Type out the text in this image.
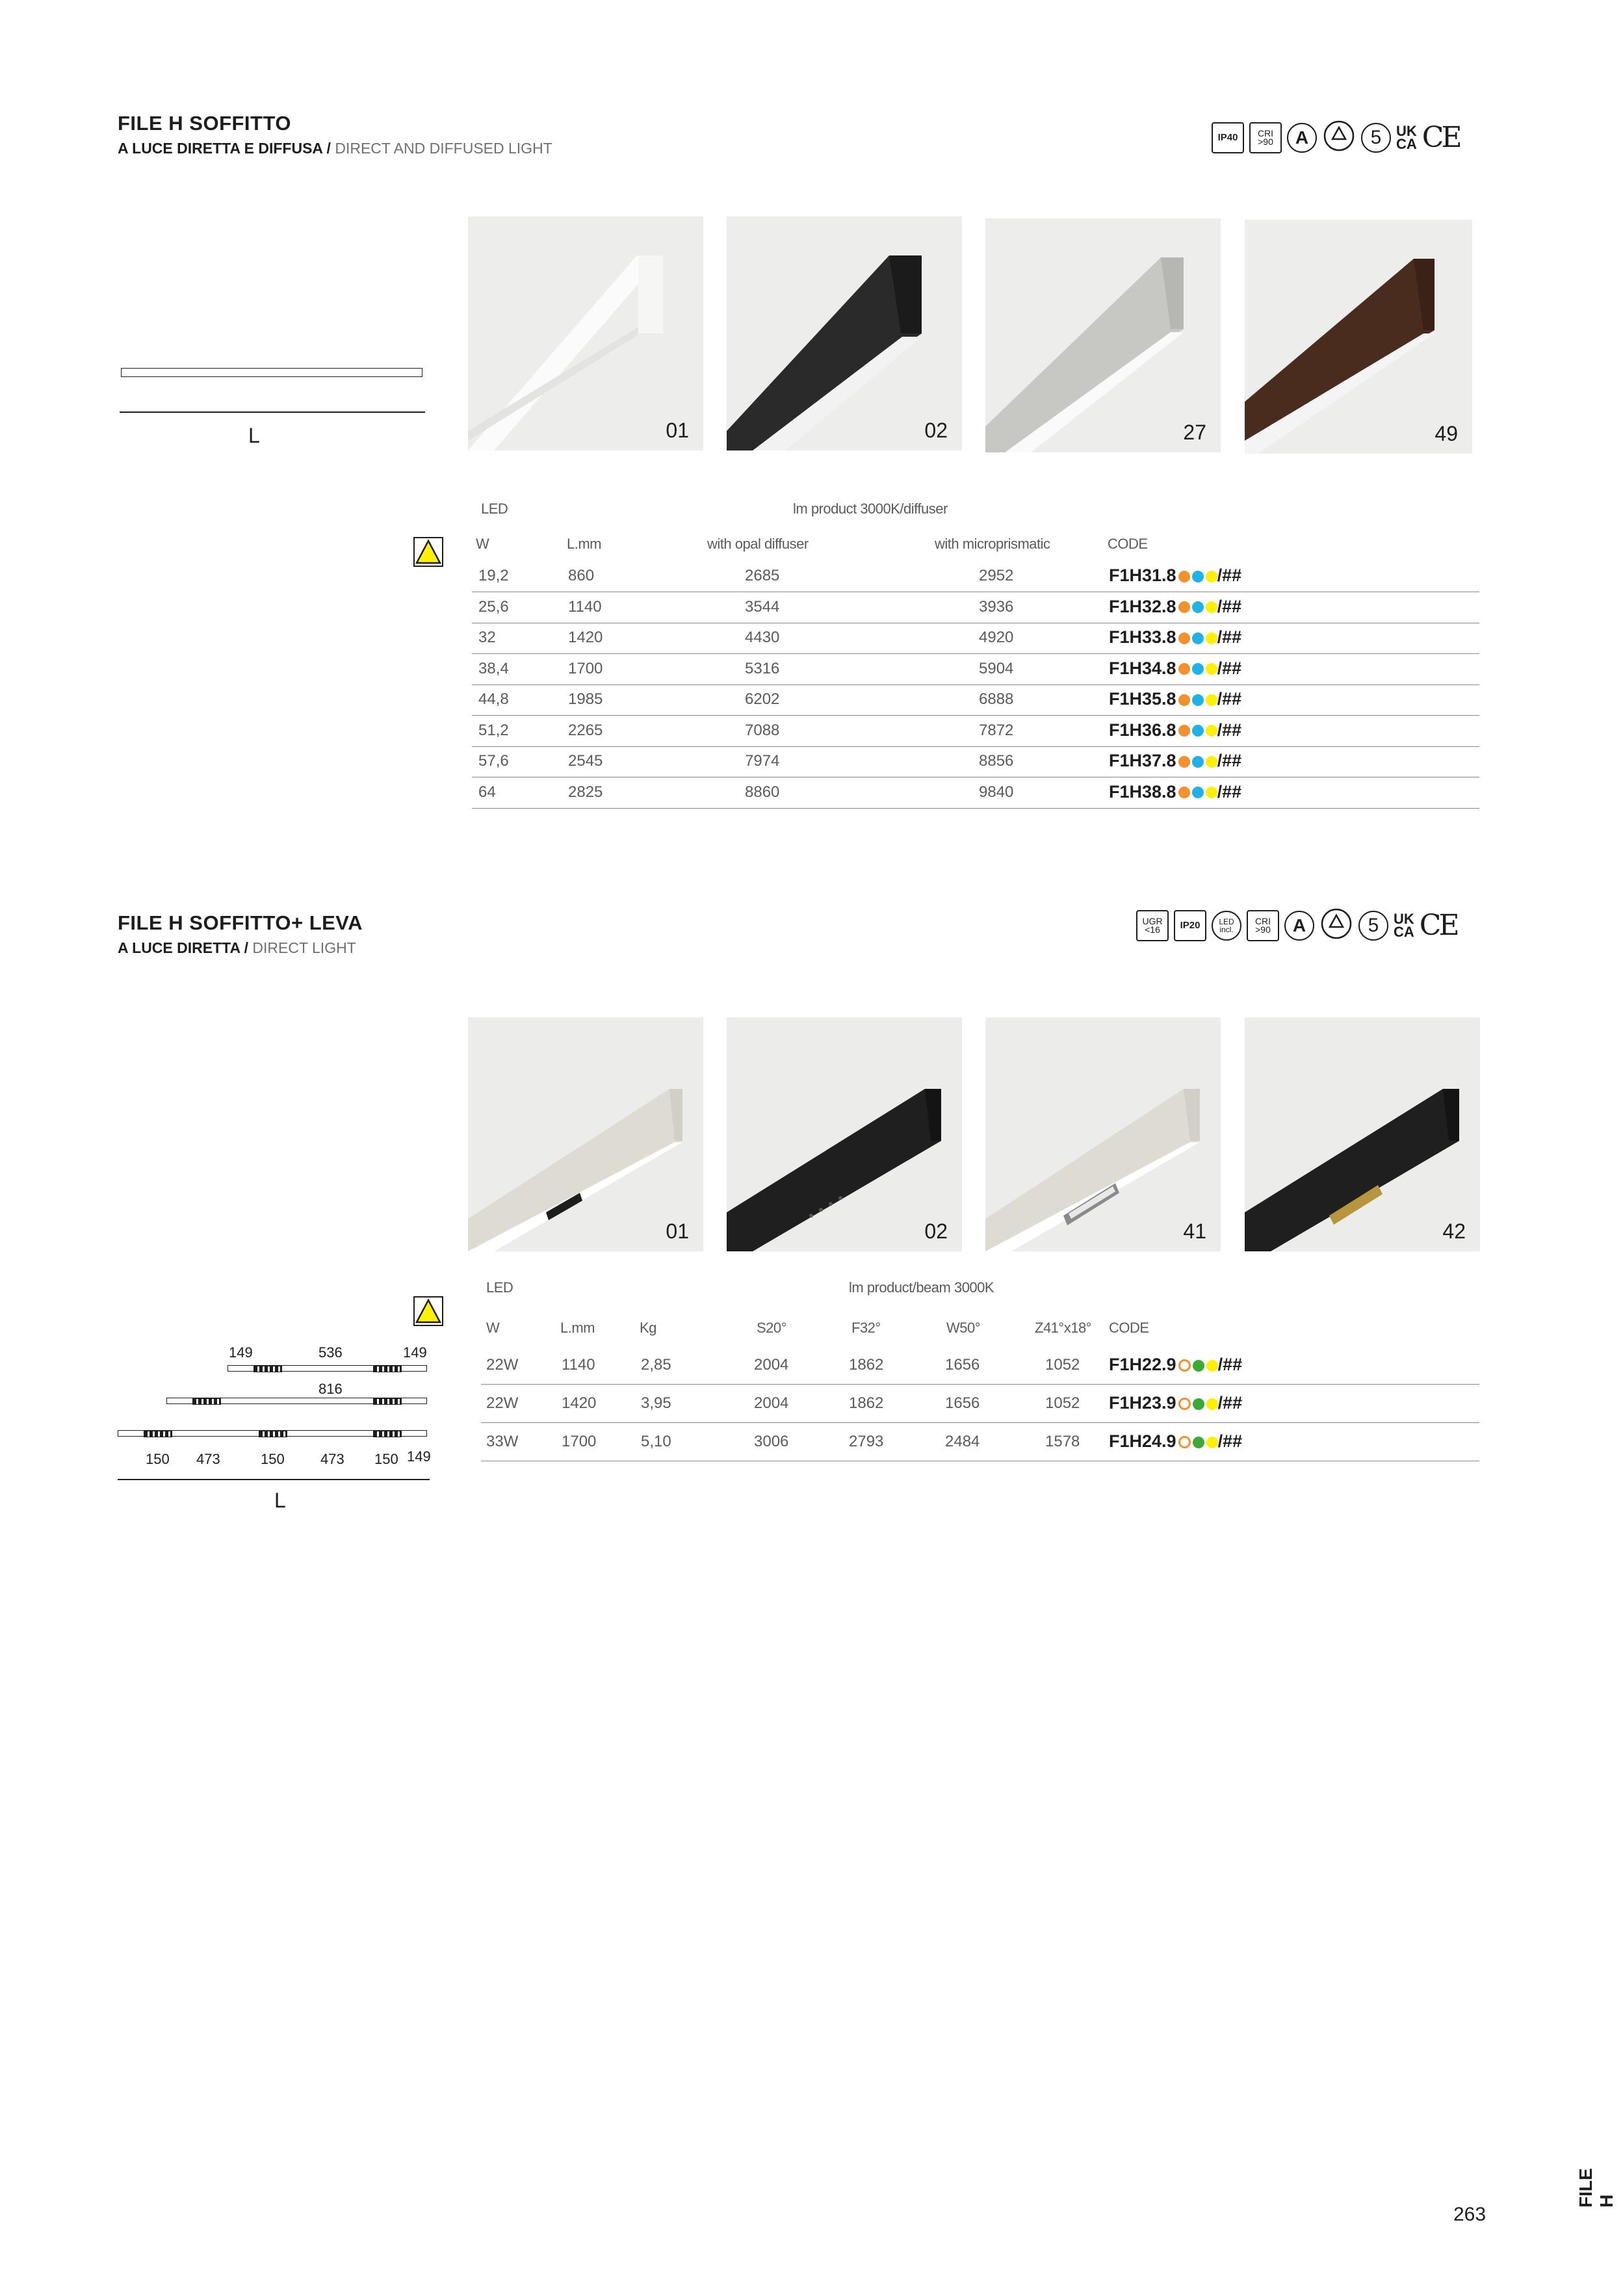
FILE H SOFFITTO
A LUCE DIRETTA E DIFFUSA / DIRECT AND DIFFUSED LIGHT
IP40 CRI
>90 A	5 UK
CA CE
L	01	02	27	49
LED	lm product 3000K/diffuser
W	L.mm	with opal diffuser	with microprismatic	CODE
19,2	860	2685	2952	F1H31.8 /##
25,6	1140	3544	3936	F1H32.8 /##
32	1420	4430	4920	F1H33.8 /##
38,4	1700	5316	5904	F1H34.8 /##
44,8	1985	6202	6888	F1H35.8 /##
51,2	2265	7088	7872	F1H36.8 /##
57,6	2545	7974	8856	F1H37.8 /##
64	2825	8860	9840	F1H38.8 /##
FILE H SOFFITTO+ LEVA
A LUCE DIRETTA / DIRECT LIGHT
UGR
<16 IP20 LED
incl.
CRI
>90 A	5 UK
CA CE
01	02	41	42
149	536	149
816
150 473	150	473 150 149
L
LED	lm product/beam 3000K
W	L.mm	Kg	S20°	F32°	W50°	Z41°x18° CODE
22W	1140	2,85	2004	1862	1656	1052 F1H22.9 /##
22W	1420	3,95	2004	1862	1656	1052 F1H23.9 /##
33W	1700	5,10	3006	2793	2484	1578 F1H24.9 /##
FILE H
263
